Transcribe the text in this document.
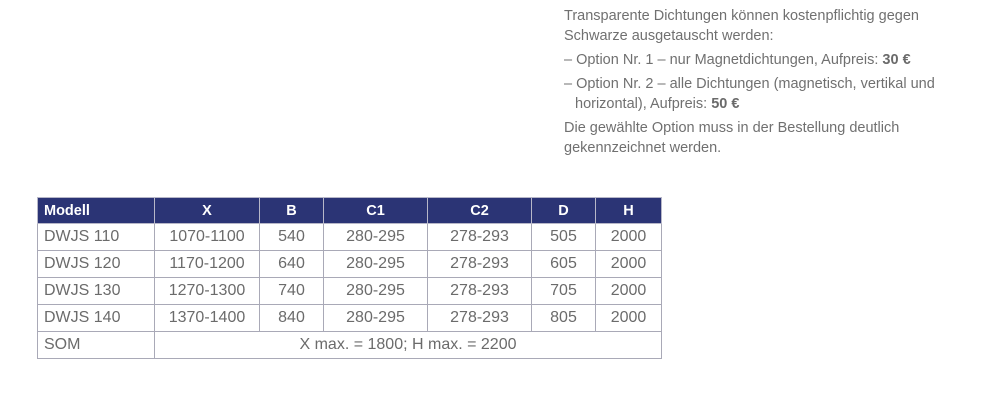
Transparente Dichtungen können kostenpflichtig gegen Schwarze ausgetauscht werden:

– Option Nr. 1 – nur Magnetdichtungen, Aufpreis: 30 €

– Option Nr. 2 – alle Dichtungen (magnetisch, vertikal und horizontal), Aufpreis: 50 €

Die gewählte Option muss in der Bestellung deutlich gekennzeichnet werden.

Modell	X	B	C1	C2	D	H
DWJS 110	1070-1100	540	280-295	278-293	505	2000
DWJS 120	1170-1200	640	280-295	278-293	605	2000
DWJS 130	1270-1300	740	280-295	278-293	705	2000
DWJS 140	1370-1400	840	280-295	278-293	805	2000
SOM	X max. = 1800; H max. = 2200					
